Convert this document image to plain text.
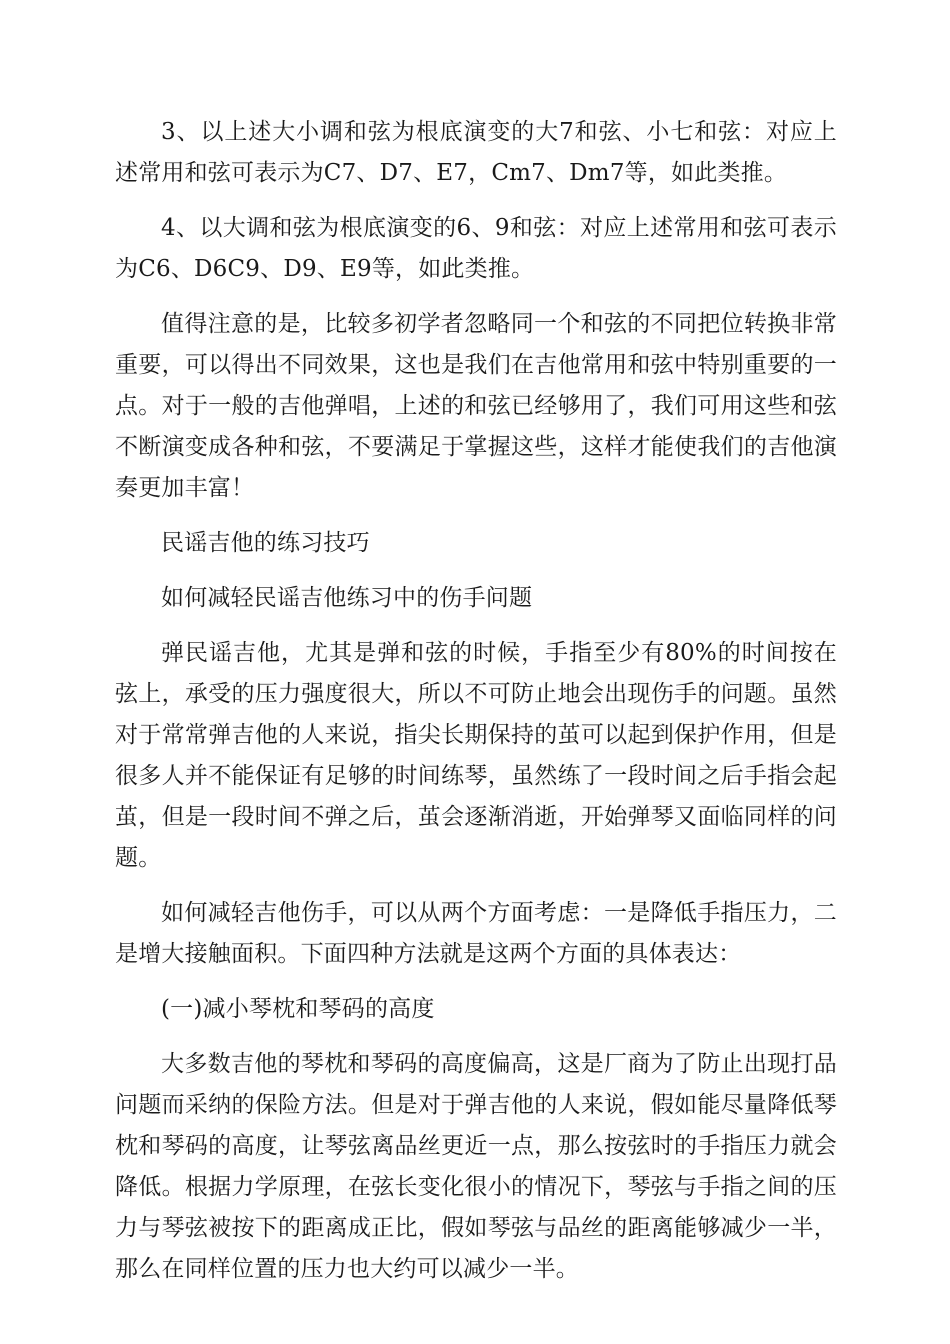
3、以上述大小调和弦为根底演变的大7和弦、小七和弦：对应上述常用和弦可表示为C7、D7、E7，Cm7、Dm7等，如此类推。

4、以大调和弦为根底演变的6、9和弦：对应上述常用和弦可表示为C6、D6C9、D9、E9等，如此类推。

值得注意的是，比较多初学者忽略同一个和弦的不同把位转换非常重要，可以得出不同效果，这也是我们在吉他常用和弦中特别重要的一点。对于一般的吉他弹唱，上述的和弦已经够用了，我们可用这些和弦不断演变成各种和弦，不要满足于掌握这些，这样才能使我们的吉他演奏更加丰富！

民谣吉他的练习技巧

如何减轻民谣吉他练习中的伤手问题

弹民谣吉他，尤其是弹和弦的时候，手指至少有80%的时间按在弦上，承受的压力强度很大，所以不可防止地会出现伤手的问题。虽然对于常常弹吉他的人来说，指尖长期保持的茧可以起到保护作用，但是很多人并不能保证有足够的时间练琴，虽然练了一段时间之后手指会起茧，但是一段时间不弹之后，茧会逐渐消逝，开始弹琴又面临同样的问题。

如何减轻吉他伤手，可以从两个方面考虑：一是降低手指压力，二是增大接触面积。下面四种方法就是这两个方面的具体表达：

(一)减小琴枕和琴码的高度

大多数吉他的琴枕和琴码的高度偏高，这是厂商为了防止出现打品问题而采纳的保险方法。但是对于弹吉他的人来说，假如能尽量降低琴枕和琴码的高度，让琴弦离品丝更近一点，那么按弦时的手指压力就会降低。根据力学原理，在弦长变化很小的情况下，琴弦与手指之间的压力与琴弦被按下的距离成正比，假如琴弦与品丝的距离能够减少一半，那么在同样位置的压力也大约可以减少一半。
